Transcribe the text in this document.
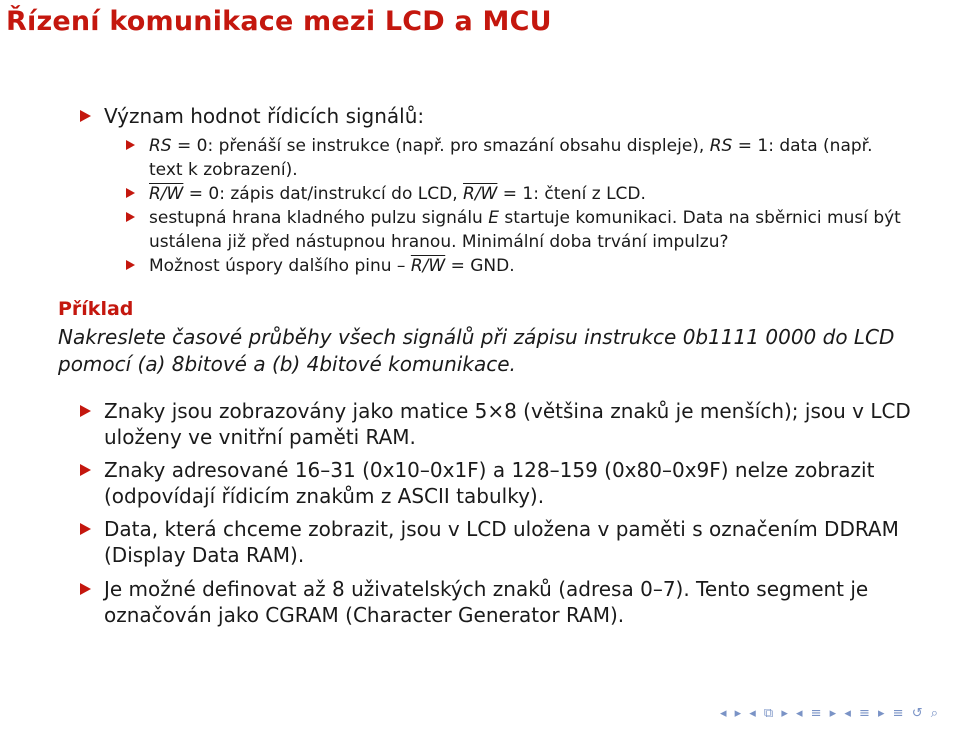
Řízení komunikace mezi LCD a MCU
Význam hodnot řídicích signálů:
RS = 0: přenáší se instrukce (např. pro smazání obsahu displeje), RS = 1: data (např. text k zobrazení).
R/W = 0: zápis dat/instrukcí do LCD, R/W = 1: čtení z LCD.
sestupná hrana kladného pulzu signálu E startuje komunikaci. Data na sběrnici musí být ustálena již před nástupnou hranou. Minimální doba trvání impulzu?
Možnost úspory dalšího pinu – R/W = GND.
Příklad
Nakreslete časové průběhy všech signálů při zápisu instrukce 0b1111 0000 do LCD pomocí (a) 8bitové a (b) 4bitové komunikace.
Znaky jsou zobrazovány jako matice 5×8 (většina znaků je menších); jsou v LCD uloženy ve vnitřní paměti RAM.
Znaky adresované 16–31 (0x10–0x1F) a 128–159 (0x80–0x9F) nelze zobrazit (odpovídají řídicím znakům z ASCII tabulky).
Data, která chceme zobrazit, jsou v LCD uložena v paměti s označením DDRAM (Display Data RAM).
Je možné definovat až 8 uživatelských znaků (adresa 0–7). Tento segment je označován jako CGRAM (Character Generator RAM).
◂ ▸ ◂ ⧉ ▸ ◂ ≡ ▸ ◂ ≡ ▸ ≡ ↺ ⌕
